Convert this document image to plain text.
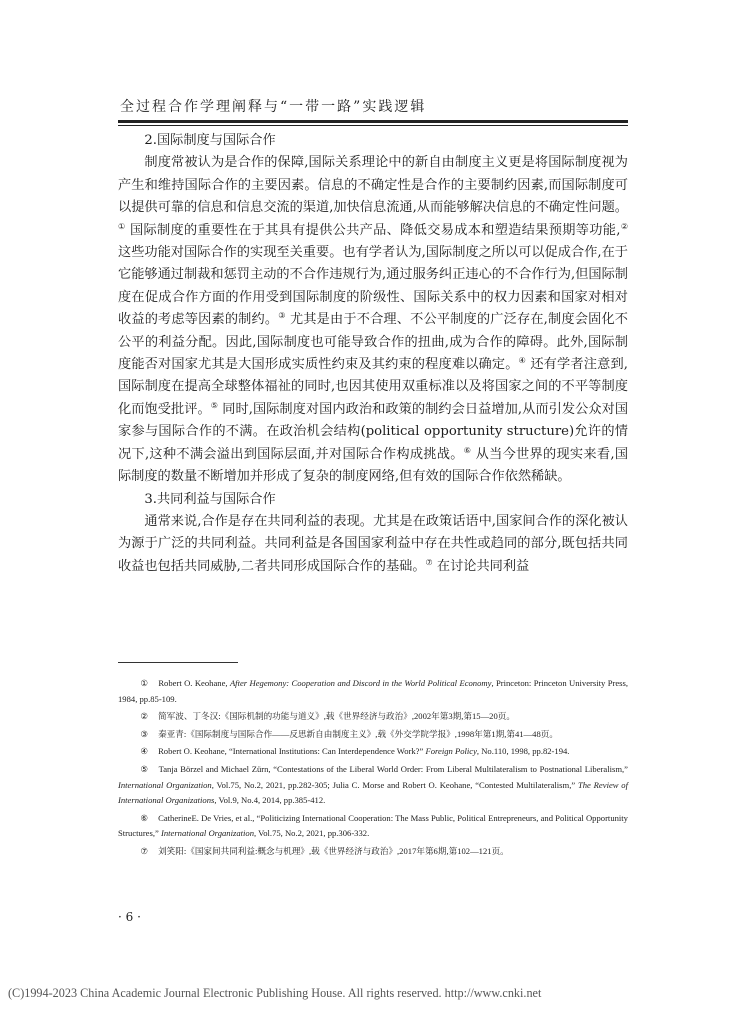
全过程合作学理阐释与“一带一路”实践逻辑

2.国际制度与国际合作

制度常被认为是合作的保障,国际关系理论中的新自由制度主义更是将国际制度视为产生和维持国际合作的主要因素。信息的不确定性是合作的主要制约因素,而国际制度可以提供可靠的信息和信息交流的渠道,加快信息流通,从而能够解决信息的不确定性问题。① 国际制度的重要性在于其具有提供公共产品、降低交易成本和塑造结果预期等功能,②这些功能对国际合作的实现至关重要。也有学者认为,国际制度之所以可以促成合作,在于它能够通过制裁和惩罚主动的不合作违规行为,通过服务纠正违心的不合作行为,但国际制度在促成合作方面的作用受到国际制度的阶级性、国际关系中的权力因素和国家对相对收益的考虑等因素的制约。③ 尤其是由于不合理、不公平制度的广泛存在,制度会固化不公平的利益分配。因此,国际制度也可能导致合作的扭曲,成为合作的障碍。此外,国际制度能否对国家尤其是大国形成实质性约束及其约束的程度难以确定。④ 还有学者注意到,国际制度在提高全球整体福祉的同时,也因其使用双重标准以及将国家之间的不平等制度化而饱受批评。⑤ 同时,国际制度对国内政治和政策的制约会日益增加,从而引发公众对国家参与国际合作的不满。在政治机会结构(political opportunity structure)允许的情况下,这种不满会溢出到国际层面,并对国际合作构成挑战。⑥ 从当今世界的现实来看,国际制度的数量不断增加并形成了复杂的制度网络,但有效的国际合作依然稀缺。

3.共同利益与国际合作

通常来说,合作是存在共同利益的表现。尤其是在政策话语中,国家间合作的深化被认为源于广泛的共同利益。共同利益是各国国家利益中存在共性或趋同的部分,既包括共同收益也包括共同威胁,二者共同形成国际合作的基础。⑦ 在讨论共同利益

① Robert O. Keohane, After Hegemony: Cooperation and Discord in the World Political Economy, Princeton: Princeton University Press, 1984, pp.85-109.

② 简军波、丁冬汉:《国际机制的功能与道义》,载《世界经济与政治》,2002年第3期,第15—20页。

③ 秦亚青:《国际制度与国际合作——反思新自由制度主义》,载《外交学院学报》,1998年第1期,第41—48页。

④ Robert O. Keohane, “International Institutions: Can Interdependence Work?” Foreign Policy, No.110, 1998, pp.82-194.

⑤ Tanja Börzel and Michael Zürn, “Contestations of the Liberal World Order: From Liberal Multilateralism to Postnational Liberalism,” International Organization, Vol.75, No.2, 2021, pp.282-305; Julia C. Morse and Robert O. Keohane, “Contested Multilateralism,” The Review of International Organizations, Vol.9, No.4, 2014, pp.385-412.

⑥ CatherineE. De Vries, et al., “Politicizing International Cooperation: The Mass Public, Political Entrepreneurs, and Political Opportunity Structures,” International Organization, Vol.75, No.2, 2021, pp.306-332.

⑦ 刘笑阳:《国家间共同利益:概念与机理》,载《世界经济与政治》,2017年第6期,第102—121页。

· 6 ·
(C)1994-2023 China Academic Journal Electronic Publishing House. All rights reserved. http://www.cnki.net
